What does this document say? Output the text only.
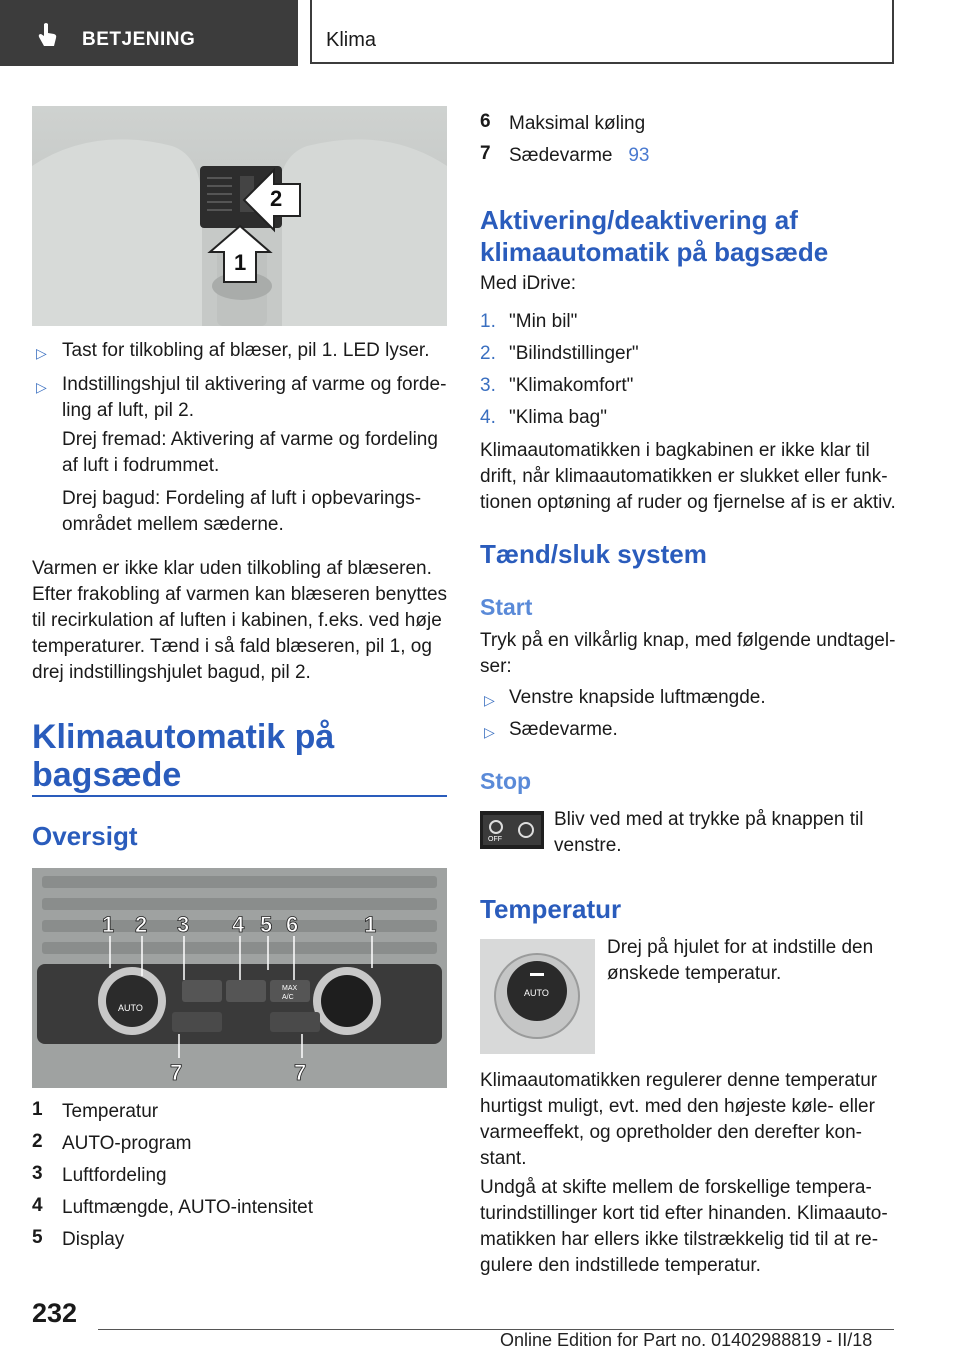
BETJENING	Klima
2
1
▷ Tast for tilkobling af blæser, pil 1. LED lyser.
▷ Indstillingshjul til aktivering af varme og forde-
ling af luft, pil 2.
Drej fremad: Aktivering af varme og fordeling
af luft i fodrummet.
Drej bagud: Fordeling af luft i opbevarings-
området mellem sæderne.
Varmen er ikke klar uden tilkobling af blæseren.
Efter frakobling af varmen kan blæseren benyttes
til recirkulation af luften i kabinen, f.eks. ved høje
temperaturer. Tænd i så fald blæseren, pil 1, og
drej indstillingshjulet bagud, pil 2.
Klimaautomatik på
bagsæde
Oversigt
AUTO
MAX
A/C
1 2 3 4 5 6	1
7	7
1 Temperatur
2 AUTO-program
3 Luftfordeling
4 Luftmængde, AUTO-intensitet
5 Display
6 Maksimal køling
7 Sædevarme 93
Aktivering/deaktivering af
klimaautomatik på bagsæde
Med iDrive:
1. "Min bil"
2. "Bilindstillinger"
3. "Klimakomfort"
4. "Klima bag"
Klimaautomatikken i bagkabinen er ikke klar til
drift, når klimaautomatikken er slukket eller funk-
tionen optøning af ruder og fjernelse af is er aktiv.
Tænd/sluk system
Start
Tryk på en vilkårlig knap, med følgende undtagel-
ser:
▷ Venstre knapside luftmængde.
▷ Sædevarme.
Stop
OFF
Bliv ved med at trykke på knappen til
venstre.
Temperatur
AUTO
Drej på hjulet for at indstille den
ønskede temperatur.
Klimaautomatikken regulerer denne temperatur
hurtigst muligt, evt. med den højeste køle- eller
varmeeffekt, og opretholder den derefter kon-
stant.
Undgå at skifte mellem de forskellige tempera-
turindstillinger kort tid efter hinanden. Klimaauto-
matikken har ellers ikke tilstrækkelig tid til at re-
gulere den indstillede temperatur.
232
Online Edition for Part no. 01402988819 - II/18
